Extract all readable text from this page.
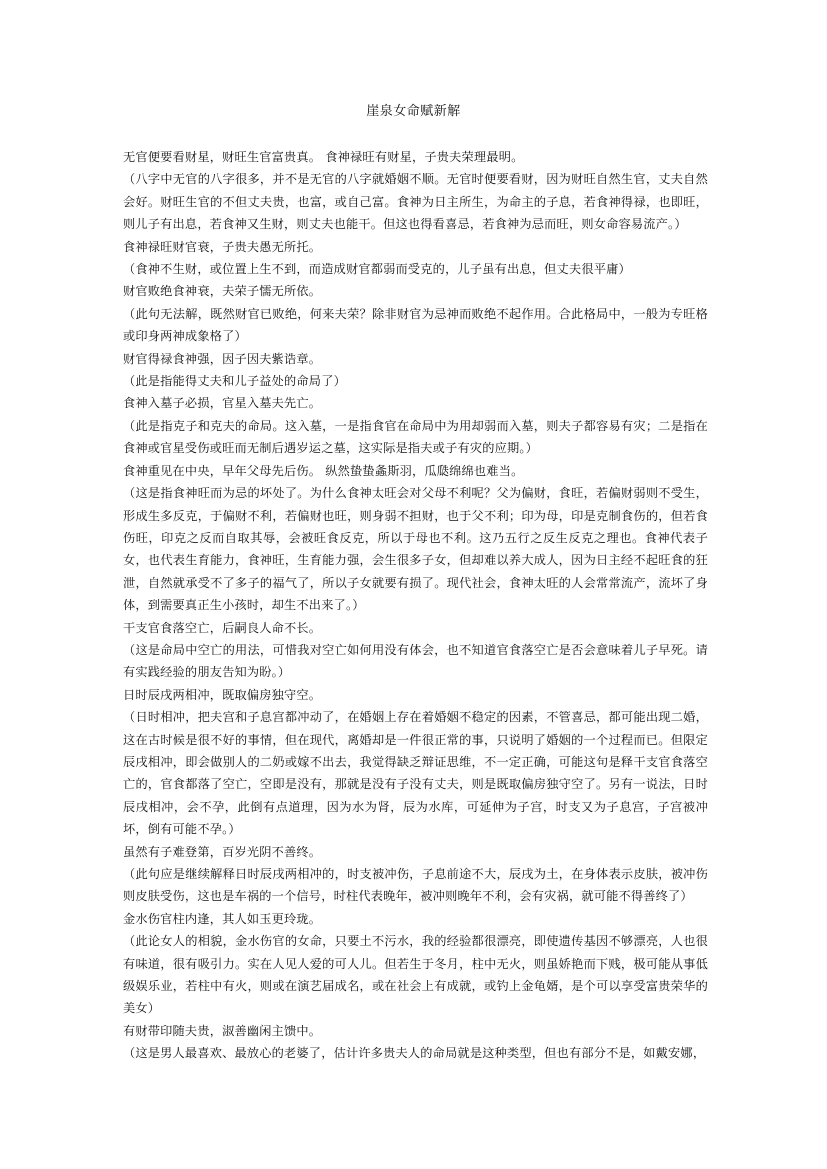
崖泉女命赋新解

无官便要看财星，财旺生官富贵真。 食神禄旺有财星，子贵夫荣理最明。

（八字中无官的八字很多，并不是无官的八字就婚姻不顺。无官时便要看财，因为财旺自然生官，丈夫自然会好。财旺生官的不但丈夫贵，也富，或自己富。食神为日主所生，为命主的子息，若食神得禄，也即旺，则儿子有出息，若食神又生财，则丈夫也能干。但这也得看喜忌，若食神为忌而旺，则女命容易流产。）

食神禄旺财官衰，子贵夫愚无所托。

（食神不生财，或位置上生不到，而造成财官都弱而受克的，儿子虽有出息，但丈夫很平庸）

财官败绝食神衰，夫荣子懦无所依。

（此句无法解，既然财官已败绝，何来夫荣？除非财官为忌神而败绝不起作用。合此格局中，一般为专旺格或印身两神成象格了）

财官得禄食神强，因子因夫紫诰章。

（此是指能得丈夫和儿子益处的命局了）

食神入墓子必损，官星入墓夫先亡。

（此是指克子和克夫的命局。这入墓，一是指食官在命局中为用却弱而入墓，则夫子都容易有灾；二是指在食神或官星受伤或旺而无制后遇岁运之墓，这实际是指夫或子有灾的应期。）

食神重见在中央，早年父母先后伤。 纵然蛰蛰螽斯羽，瓜瓞绵绵也难当。

（这是指食神旺而为忌的坏处了。为什么食神太旺会对父母不利呢？父为偏财，食旺，若偏财弱则不受生，形成生多反克，于偏财不利，若偏财也旺，则身弱不担财，也于父不利；印为母，印是克制食伤的，但若食伤旺，印克之反而自取其辱，会被旺食反克，所以于母也不利。这乃五行之反生反克之理也。食神代表子女，也代表生育能力，食神旺，生育能力强，会生很多子女，但却难以养大成人，因为日主经不起旺食的狂泄，自然就承受不了多子的福气了，所以子女就要有损了。现代社会，食神太旺的人会常常流产，流坏了身体，到需要真正生小孩时，却生不出来了。）

干支官食落空亡，后嗣良人命不长。

（这是命局中空亡的用法，可惜我对空亡如何用没有体会，也不知道官食落空亡是否会意味着儿子早死。请有实践经验的朋友告知为盼。）

日时辰戌两相冲，既取偏房独守空。

（日时相冲，把夫宫和子息宫都冲动了，在婚姻上存在着婚姻不稳定的因素，不管喜忌，都可能出现二婚，这在古时候是很不好的事情，但在现代，离婚却是一件很正常的事，只说明了婚姻的一个过程而已。但限定辰戌相冲，即会做别人的二奶或嫁不出去，我觉得缺乏辩证思维，不一定正确，可能这句是释干支官食落空亡的，官食都落了空亡，空即是没有，那就是没有子没有丈夫，则是既取偏房独守空了。另有一说法，日时辰戌相冲，会不孕，此倒有点道理，因为水为肾，辰为水库，可延伸为子宫，时支又为子息宫，子宫被冲坏，倒有可能不孕。）

虽然有子难登第，百岁光阴不善终。

（此句应是继续解释日时辰戌两相冲的，时支被冲伤，子息前途不大，辰戌为土，在身体表示皮肤，被冲伤则皮肤受伤，这也是车祸的一个信号，时柱代表晚年，被冲则晚年不利，会有灾祸，就可能不得善终了）

金水伤官柱内逢，其人如玉更玲珑。

（此论女人的相貌，金水伤官的女命，只要土不污水，我的经验都很漂亮，即使遗传基因不够漂亮，人也很有味道，很有吸引力。实在人见人爱的可人儿。但若生于冬月，柱中无火，则虽娇艳而下贱，极可能从事低级娱乐业，若柱中有火，则或在演艺届成名，或在社会上有成就，或钓上金龟婿，是个可以享受富贵荣华的美女）

有财带印随夫贵，淑善幽闲主馈中。

（这是男人最喜欢、最放心的老婆了，估计许多贵夫人的命局就是这种类型，但也有部分不是，如戴安娜，
